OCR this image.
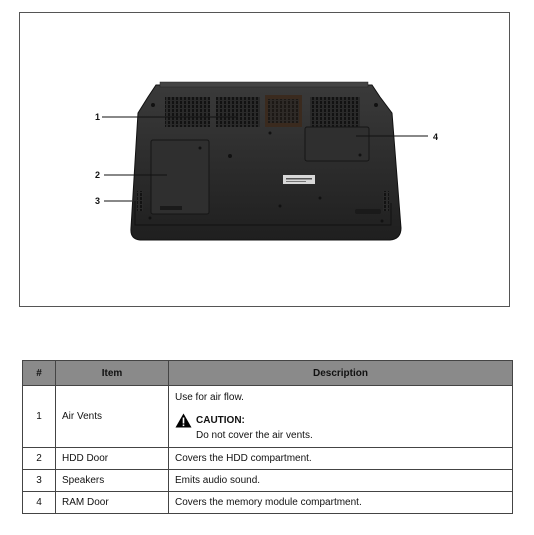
1
2
3
4
#	Item	Description
1	Air Vents	Use for air flow.
CAUTION:
Do not cover the air vents.

2	HDD Door	Covers the HDD compartment.
3	Speakers	Emits audio sound.
4	RAM Door	Covers the memory module compartment.
